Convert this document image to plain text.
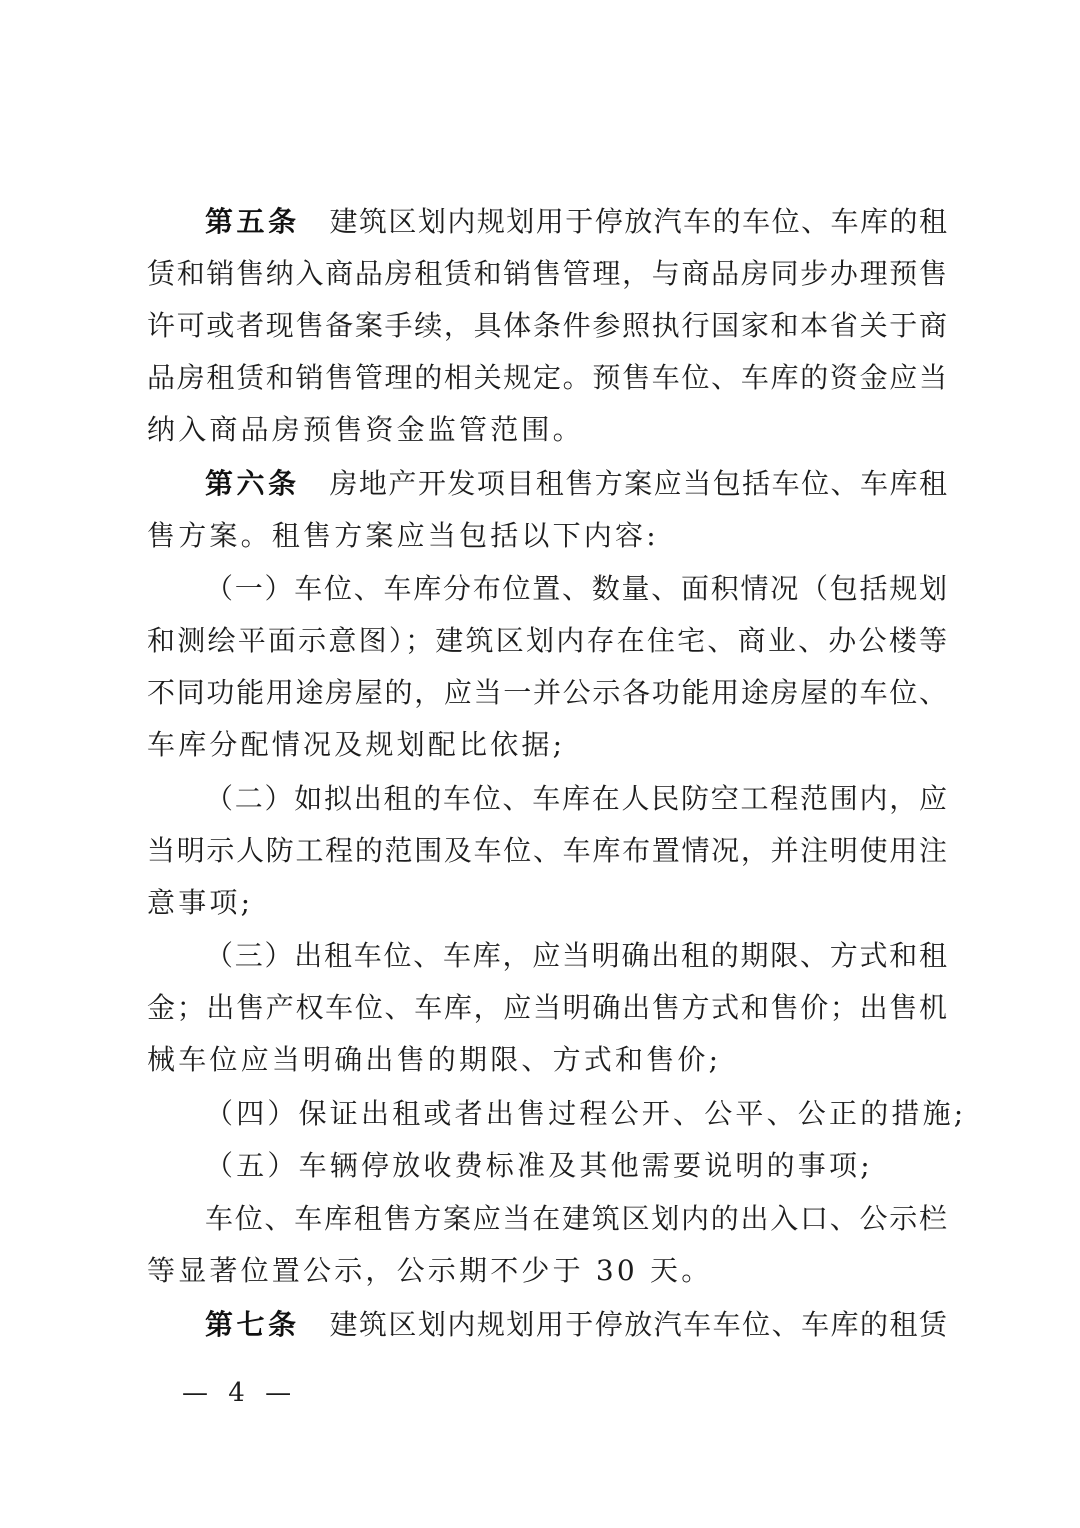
第五条 建筑区划内规划用于停放汽车的车位、车库的租
赁和销售纳入商品房租赁和销售管理，与商品房同步办理预售
许可或者现售备案手续，具体条件参照执行国家和本省关于商
品房租赁和销售管理的相关规定。预售车位、车库的资金应当
纳入商品房预售资金监管范围。
第六条 房地产开发项目租售方案应当包括车位、车库租
售方案。租售方案应当包括以下内容:
（一）车位、车库分布位置、数量、面积情况（包括规划
和测绘平面示意图）；建筑区划内存在住宅、商业、办公楼等
不同功能用途房屋的，应当一并公示各功能用途房屋的车位、
车库分配情况及规划配比依据;
（二）如拟出租的车位、车库在人民防空工程范围内，应
当明示人防工程的范围及车位、车库布置情况，并注明使用注
意事项;
（三）出租车位、车库，应当明确出租的期限、方式和租
金；出售产权车位、车库，应当明确出售方式和售价；出售机
械车位应当明确出售的期限、方式和售价;
（四）保证出租或者出售过程公开、公平、公正的措施;
（五）车辆停放收费标准及其他需要说明的事项;
车位、车库租售方案应当在建筑区划内的出入口、公示栏
等显著位置公示，公示期不少于 30 天。
第七条 建筑区划内规划用于停放汽车车位、车库的租赁
— 4 —
